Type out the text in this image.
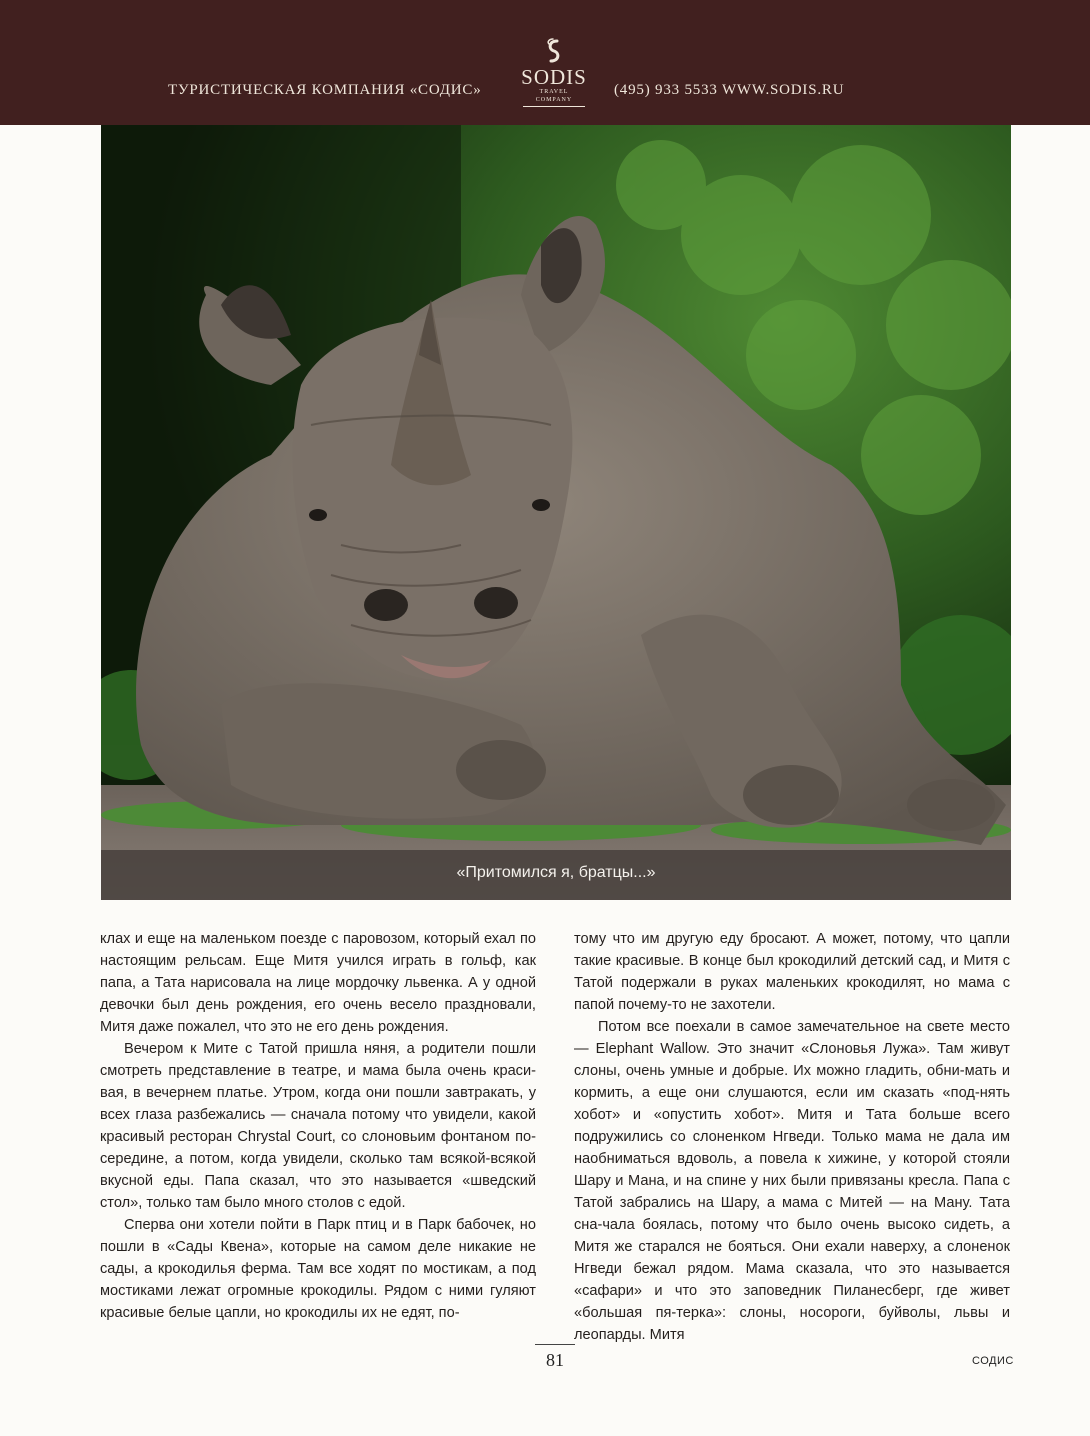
ТУРИСТИЧЕСКАЯ КОМПАНИЯ «СОДИС»
SODIS
TRAVEL COMPANY
(495) 933 5533 WWW.SODIS.RU
«Притомился я, братцы...»

клах и еще на маленьком поезде с паровозом, который ехал по настоящим рельсам. Еще Митя учился играть в гольф, как папа, а Тата нарисовала на лице мордочку львенка. А у одной девочки был день рождения, его очень весело праздновали, Митя даже пожалел, что это не его день рождения.

Вечером к Мите с Татой пришла няня, а родители пошли смотреть представление в театре, и мама была очень краси-вая, в вечернем платье. Утром, когда они пошли завтракать, у всех глаза разбежались — сначала потому что увидели, какой красивый ресторан Chrystal Court, со слоновьим фонтаном по-середине, а потом, когда увидели, сколько там всякой-всякой вкусной еды. Папа сказал, что это называется «шведский стол», только там было много столов с едой.

Сперва они хотели пойти в Парк птиц и в Парк бабочек, но пошли в «Сады Квена», которые на самом деле никакие не сады, а крокодилья ферма. Там все ходят по мостикам, а под мостиками лежат огромные крокодилы. Рядом с ними гуляют красивые белые цапли, но крокодилы их не едят, по-

тому что им другую еду бросают. А может, потому, что цапли такие красивые. В конце был крокодилий детский сад, и Митя с Татой подержали в руках маленьких крокодилят, но мама с папой почему-то не захотели.

Потом все поехали в самое замечательное на свете место — Elephant Wallow. Это значит «Слоновья Лужа». Там живут слоны, очень умные и добрые. Их можно гладить, обни-мать и кормить, а еще они слушаются, если им сказать «под-нять хобот» и «опустить хобот». Митя и Тата больше всего подружились со слоненком Нгведи. Только мама не дала им наобниматься вдоволь, а повела к хижине, у которой стояли Шару и Мана, и на спине у них были привязаны кресла. Папа с Татой забрались на Шару, а мама с Митей — на Ману. Тата сна-чала боялась, потому что было очень высоко сидеть, а Митя же старался не бояться. Они ехали наверху, а слоненок Нгведи бежал рядом. Мама сказала, что это называется «сафари» и что это заповедник Пиланесберг, где живет «большая пя-терка»: слоны, носороги, буйволы, львы и леопарды. Митя

81	СОДИС
